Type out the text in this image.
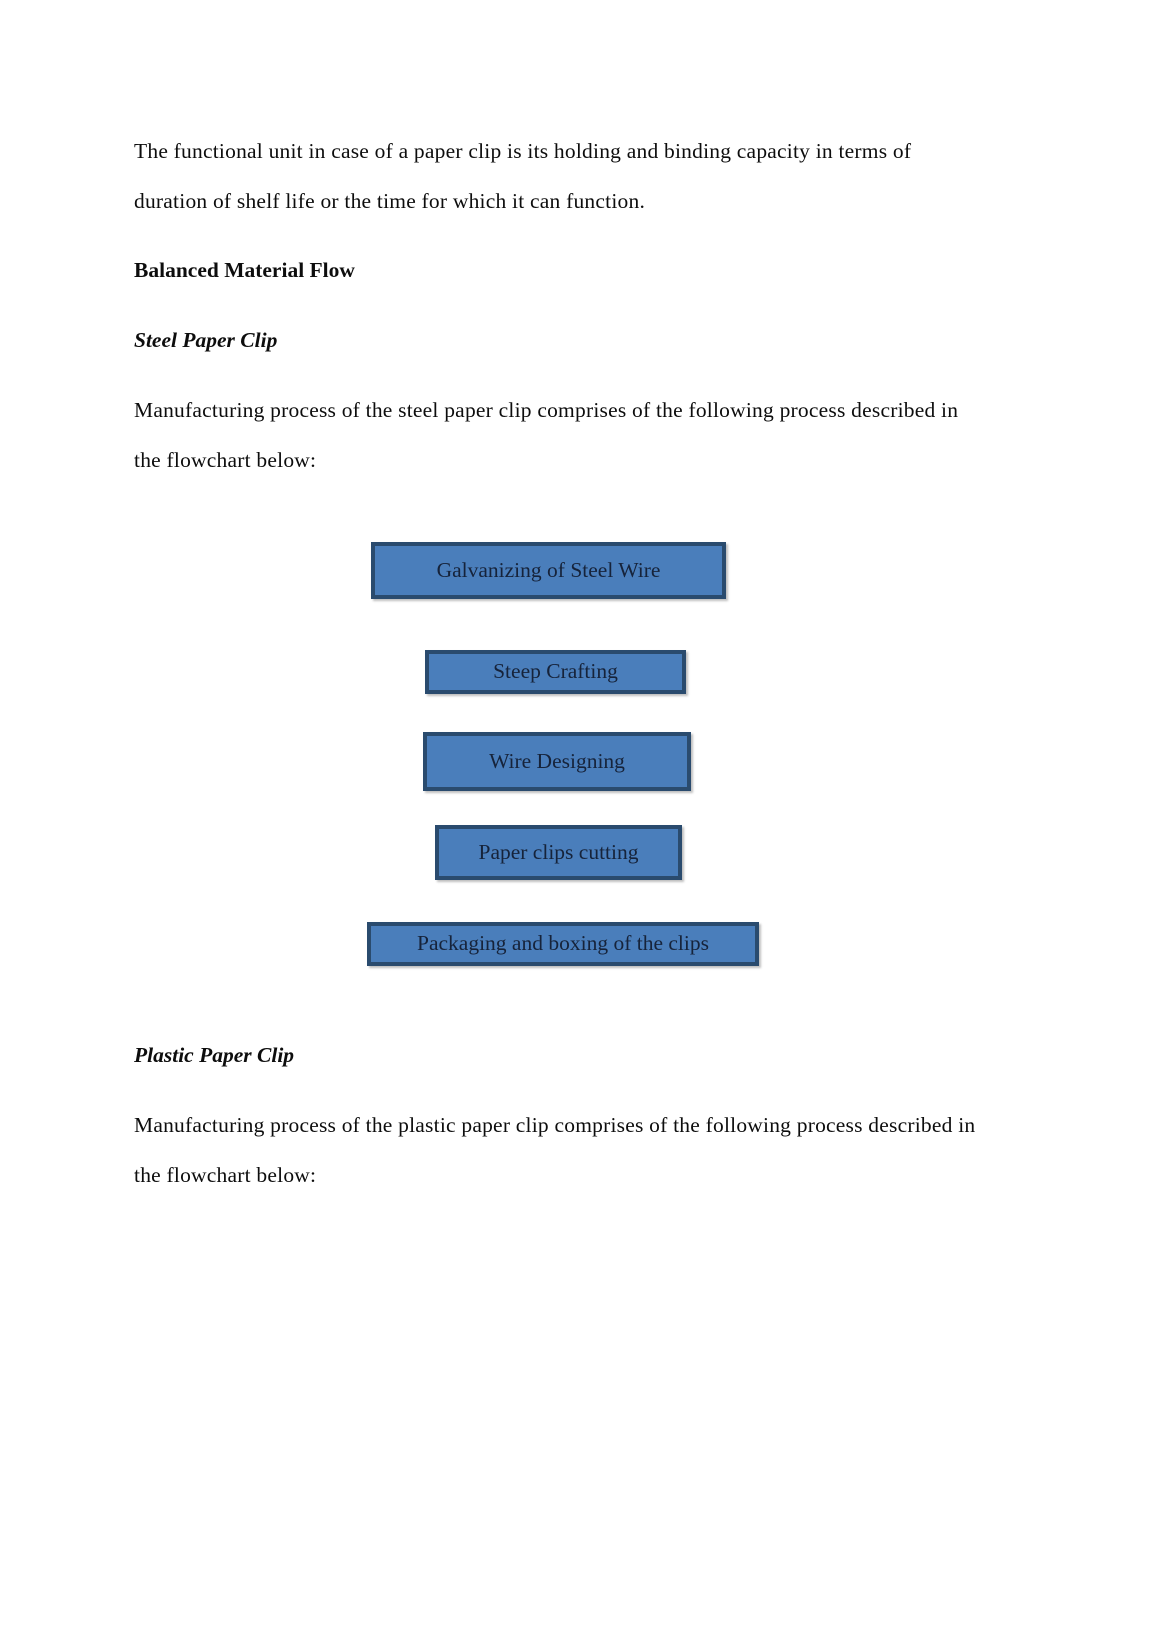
The functional unit in case of a paper clip is its holding and binding capacity in terms of duration of shelf life or the time for which it can function.

Balanced Material Flow
Steel Paper Clip

Manufacturing process of the steel paper clip comprises of the following process described in the flowchart below:

Plastic Paper Clip

Manufacturing process of the plastic paper clip comprises of the following process described in the flowchart below:

Galvanizing of Steel Wire
Steep Crafting
Wire Designing
Paper clips cutting
Packaging and boxing of the clips
